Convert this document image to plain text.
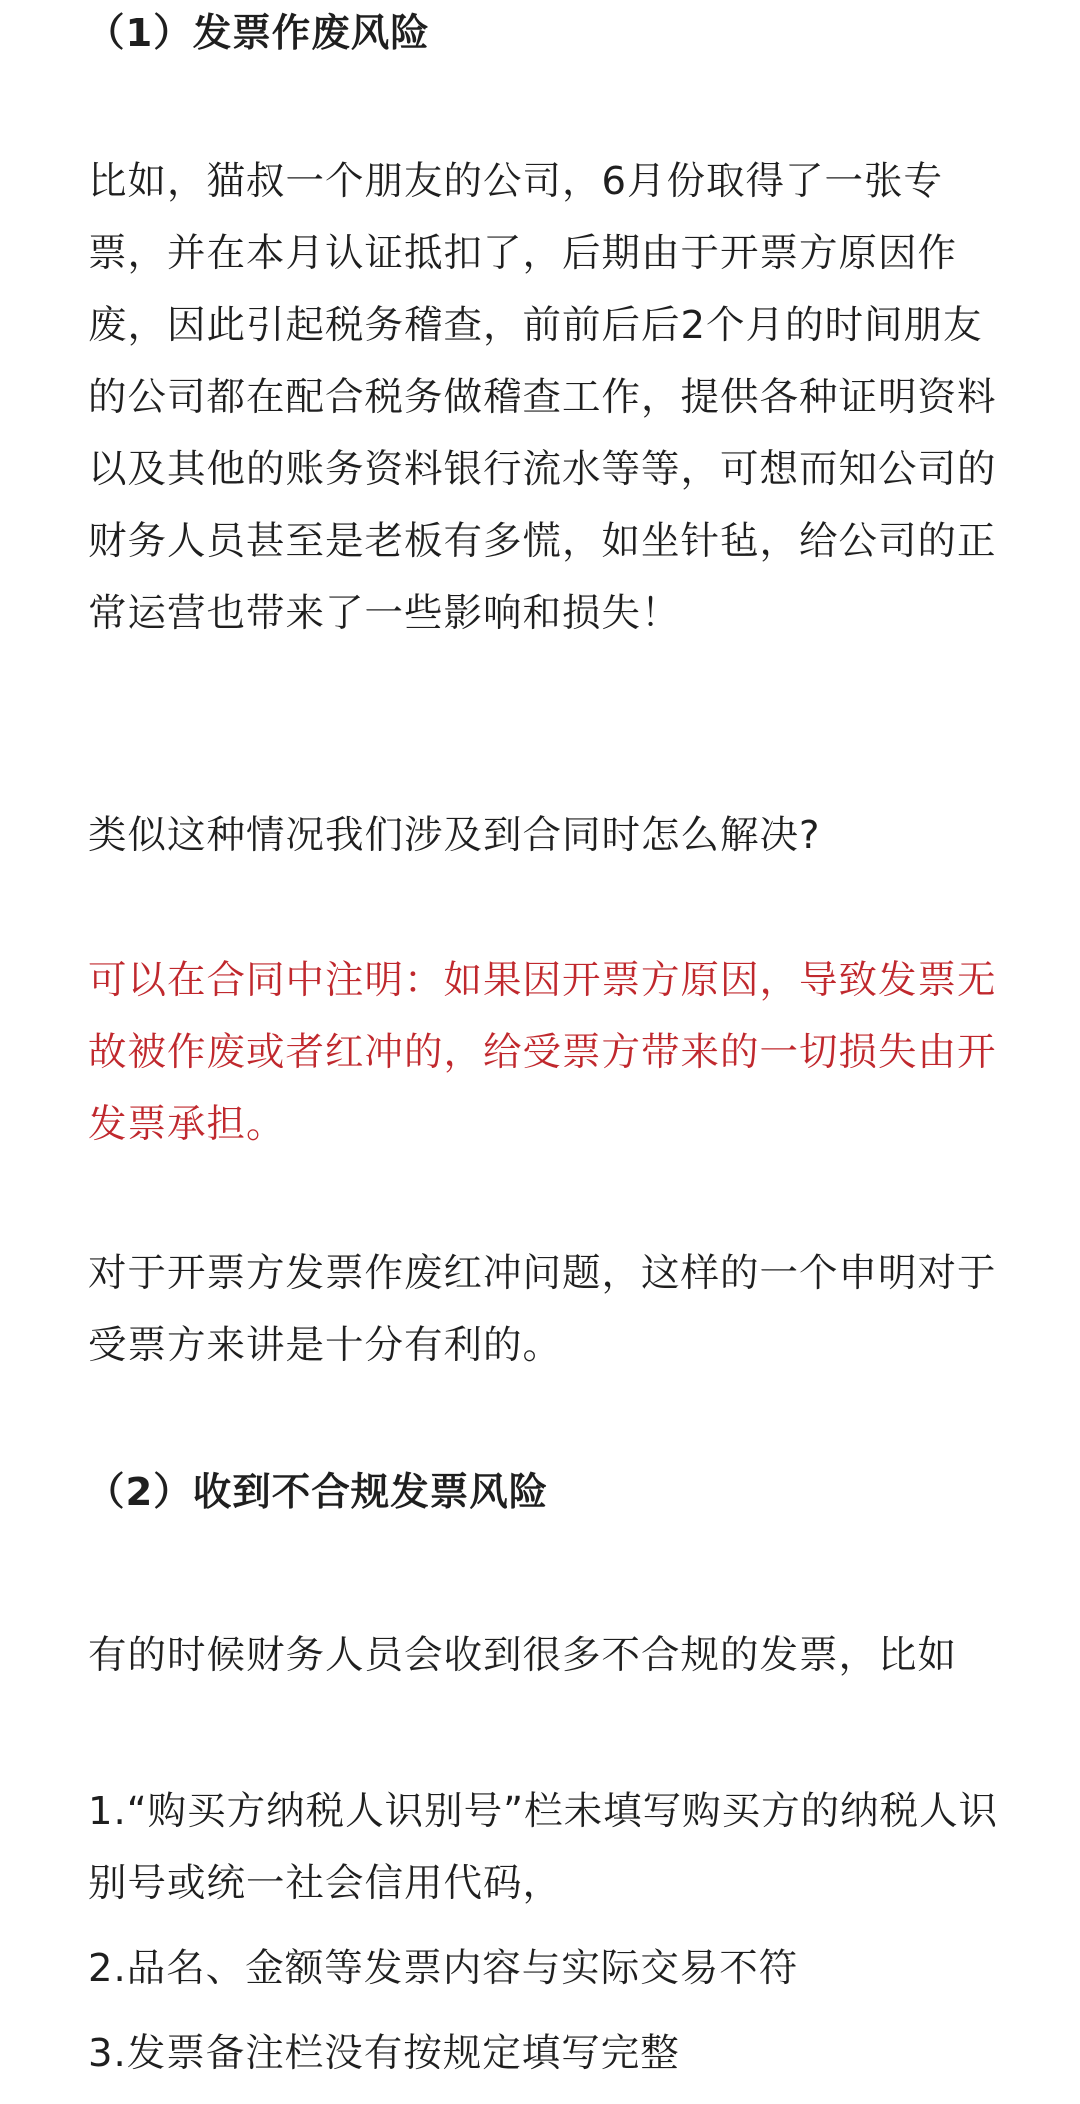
（1）发票作废风险

比如，猫叔一个朋友的公司，6月份取得了一张专票，并在本月认证抵扣了，后期由于开票方原因作废，因此引起税务稽查，前前后后2个月的时间朋友的公司都在配合税务做稽查工作，提供各种证明资料以及其他的账务资料银行流水等等，可想而知公司的财务人员甚至是老板有多慌，如坐针毡，给公司的正常运营也带来了一些影响和损失！

类似这种情况我们涉及到合同时怎么解决?

可以在合同中注明：如果因开票方原因，导致发票无故被作废或者红冲的，给受票方带来的一切损失由开发票承担。

对于开票方发票作废红冲问题，这样的一个申明对于受票方来讲是十分有利的。

（2）收到不合规发票风险

有的时候财务人员会收到很多不合规的发票，比如

1.“购买方纳税人识别号”栏未填写购买方的纳税人识别号或统一社会信用代码，

2.品名、金额等发票内容与实际交易不符

3.发票备注栏没有按规定填写完整
